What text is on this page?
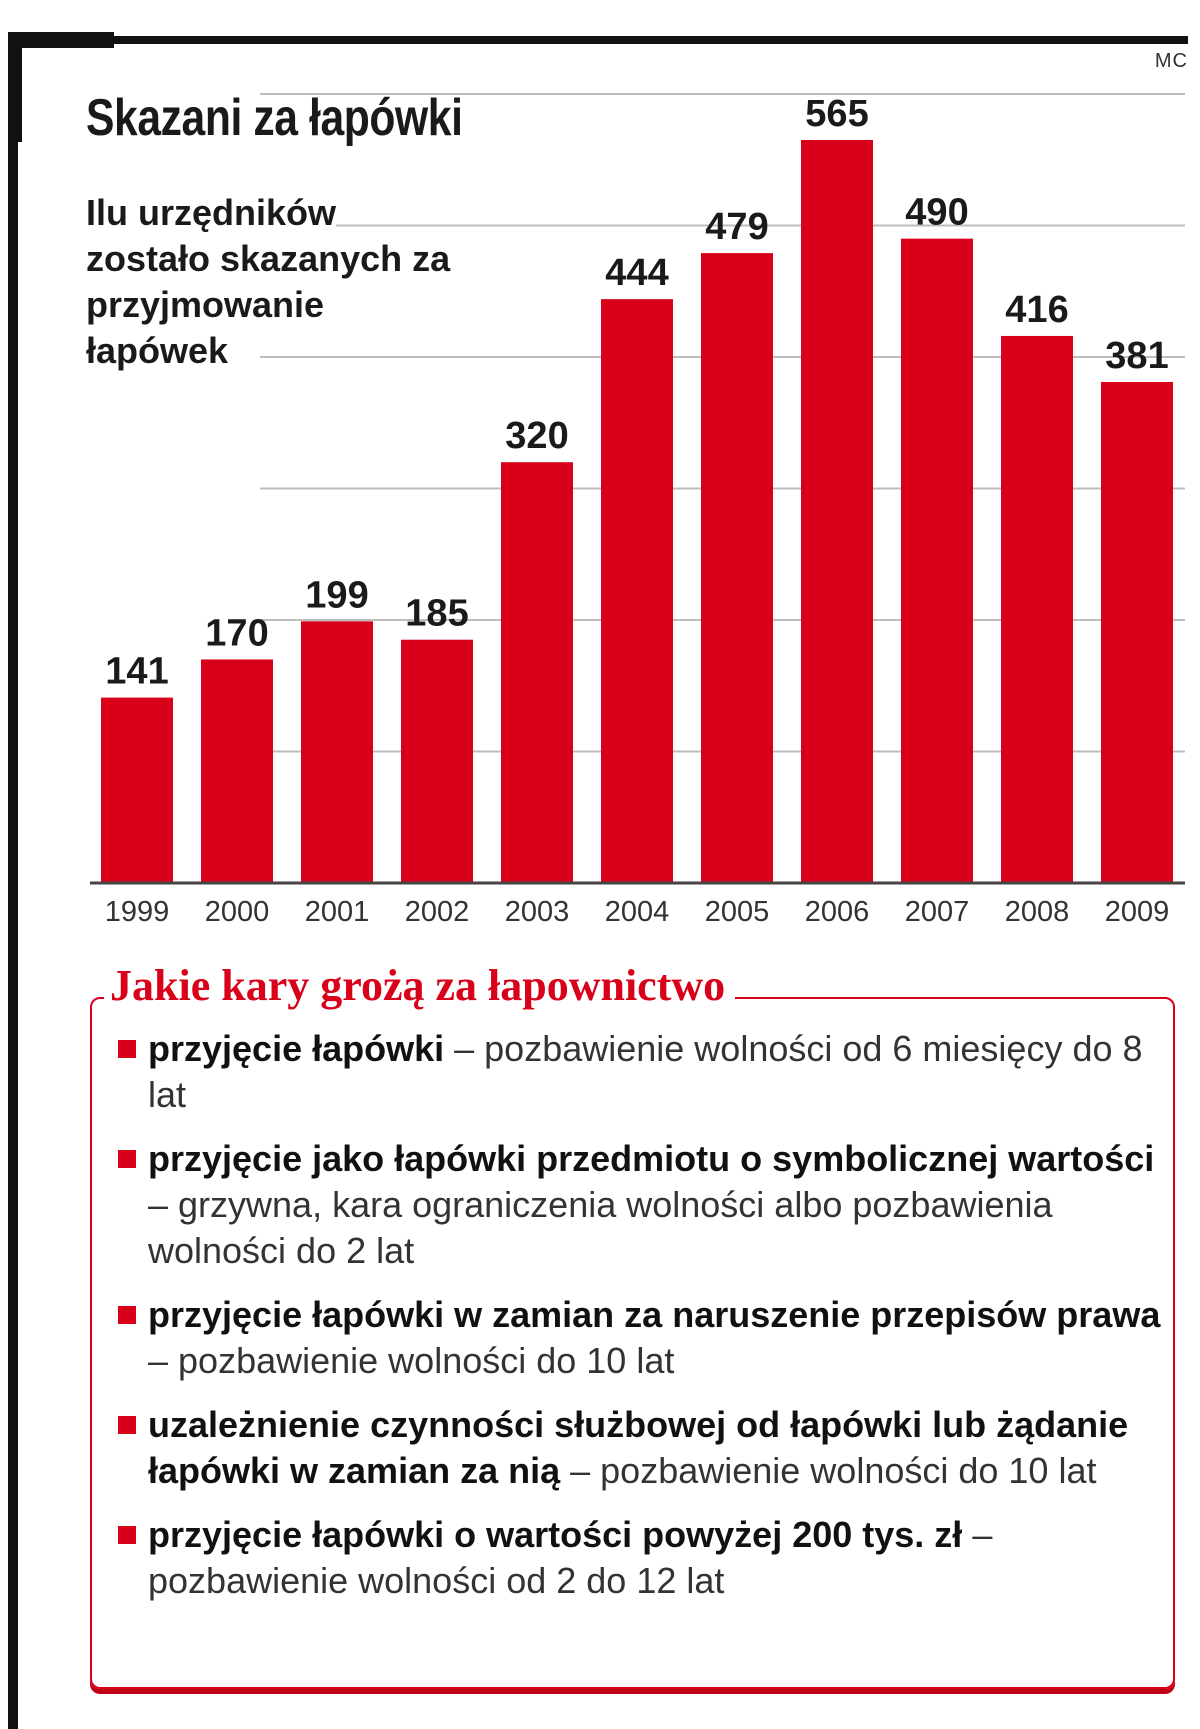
MC
Skazani za łapówki

Ilu urzędników zostało skazanych za przyjmowanie łapówek

141
170
199 185
320
444
479
565
490
416
381
1999 2000 2001 2002 2003 2004 2005 2006 2007 2008 2009
Jakie kary grożą za łapownictwo
przyjęcie łapówki – pozbawienie wolności od 6 miesięcy do 8 lat
przyjęcie jako łapówki przedmiotu o symbolicznej wartości – grzywna, kara ograniczenia wolności albo pozbawienia wolności do 2 lat
przyjęcie łapówki w zamian za naruszenie przepisów prawa – pozbawienie wolności do 10 lat
uzależnienie czynności służbowej od łapówki lub żądanie łapówki w zamian za nią – pozbawienie wolności do 10 lat
przyjęcie łapówki o wartości powyżej 200 tys. zł – pozbawienie wolności od 2 do 12 lat
